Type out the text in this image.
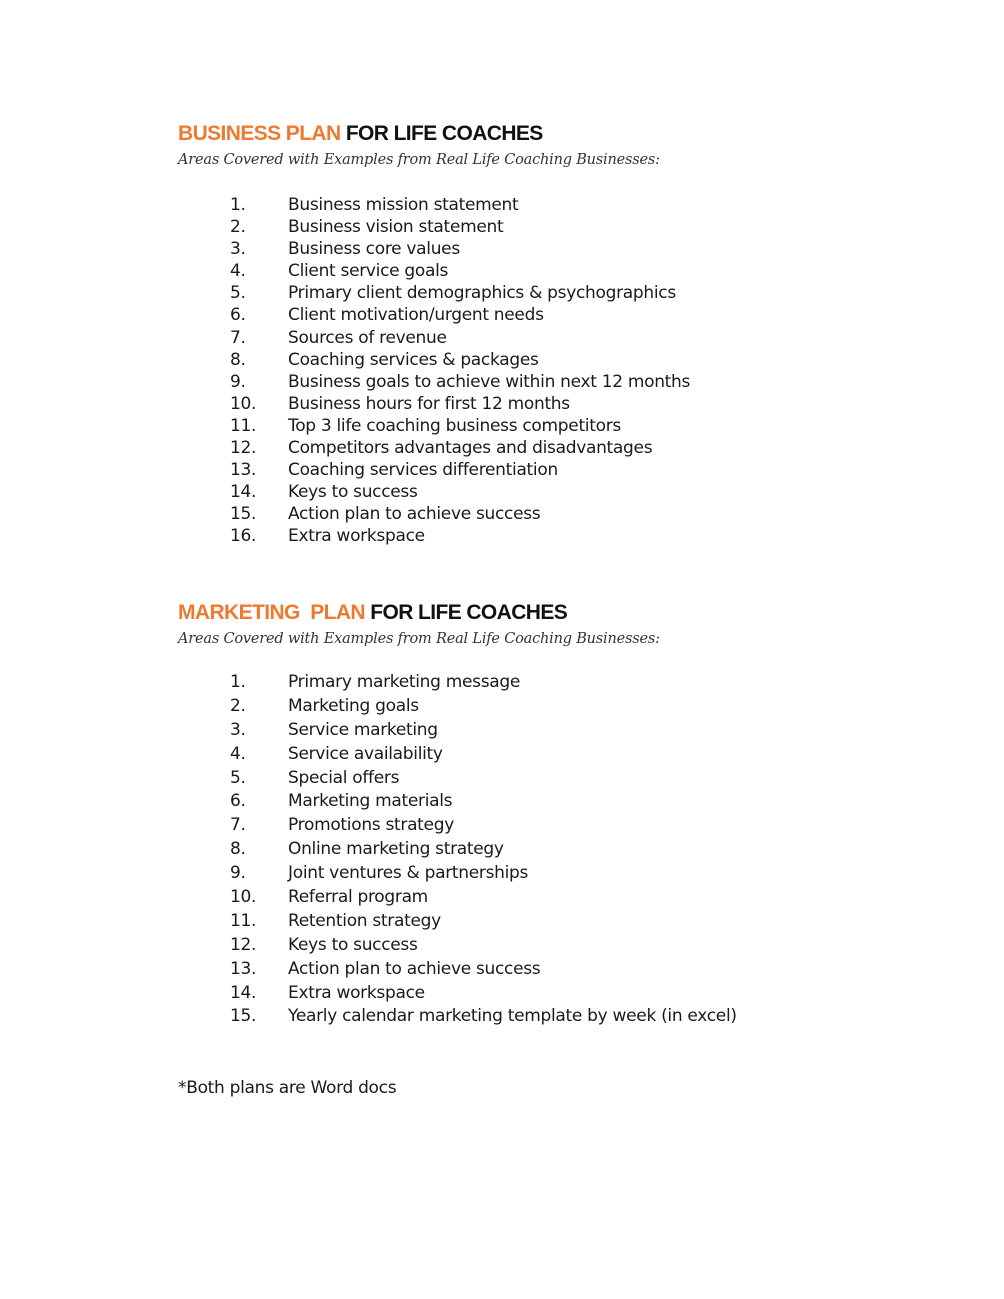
BUSINESS PLAN FOR LIFE COACHES

Areas Covered with Examples from Real Life Coaching Businesses:

1.	Business mission statement
2.	Business vision statement
3.	Business core values
4.	Client service goals
5.	Primary client demographics & psychographics
6.	Client motivation/urgent needs
7.	Sources of revenue
8.	Coaching services & packages
9.	Business goals to achieve within next 12 months
10.	Business hours for first 12 months
11.	Top 3 life coaching business competitors
12.	Competitors advantages and disadvantages
13.	Coaching services differentiation
14.	Keys to success
15.	Action plan to achieve success
16.	Extra workspace
MARKETING  PLAN FOR LIFE COACHES

Areas Covered with Examples from Real Life Coaching Businesses:

1.	Primary marketing message
2.	Marketing goals
3.	Service marketing
4.	Service availability
5.	Special offers
6.	Marketing materials
7.	Promotions strategy
8.	Online marketing strategy
9.	Joint ventures & partnerships
10.	Referral program
11.	Retention strategy
12.	Keys to success
13.	Action plan to achieve success
14.	Extra workspace
15.	Yearly calendar marketing template by week (in excel)
*Both plans are Word docs
